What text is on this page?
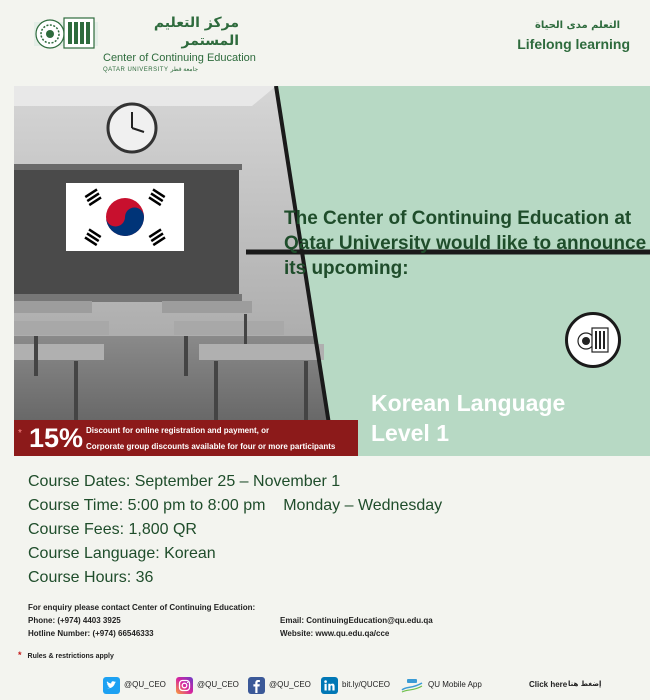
مركز التعليم المستمر
Center of Continuing Education
QATAR UNIVERSITY جامعة قطر
التعلم مدى الحياة
Lifelong learning
The Center of Continuing Education at Qatar University would like to announce its upcoming:
Korean Language
Level 1
* 15% Discount for online registration and payment, or
Corporate group discounts available for four or more participants
Course Dates: September 25 – November 1
Course Time: 5:00 pm to 8:00 pm    Monday – Wednesday
Course Fees: 1,800 QR
Course Language: Korean
Course Hours: 36
For enquiry please contact Center of Continuing Education:
Phone: (+974) 4403 3925
Hotline Number: (+974) 66546333
Email: ContinuingEducation@qu.edu.qa
Website: www.qu.edu.qa/cce
* Rules & restrictions apply
@QU_CEO	@QU_CEO	@QU_CEO	bit.ly/QUCEO	QU Mobile App	Click here إضغط هنا
